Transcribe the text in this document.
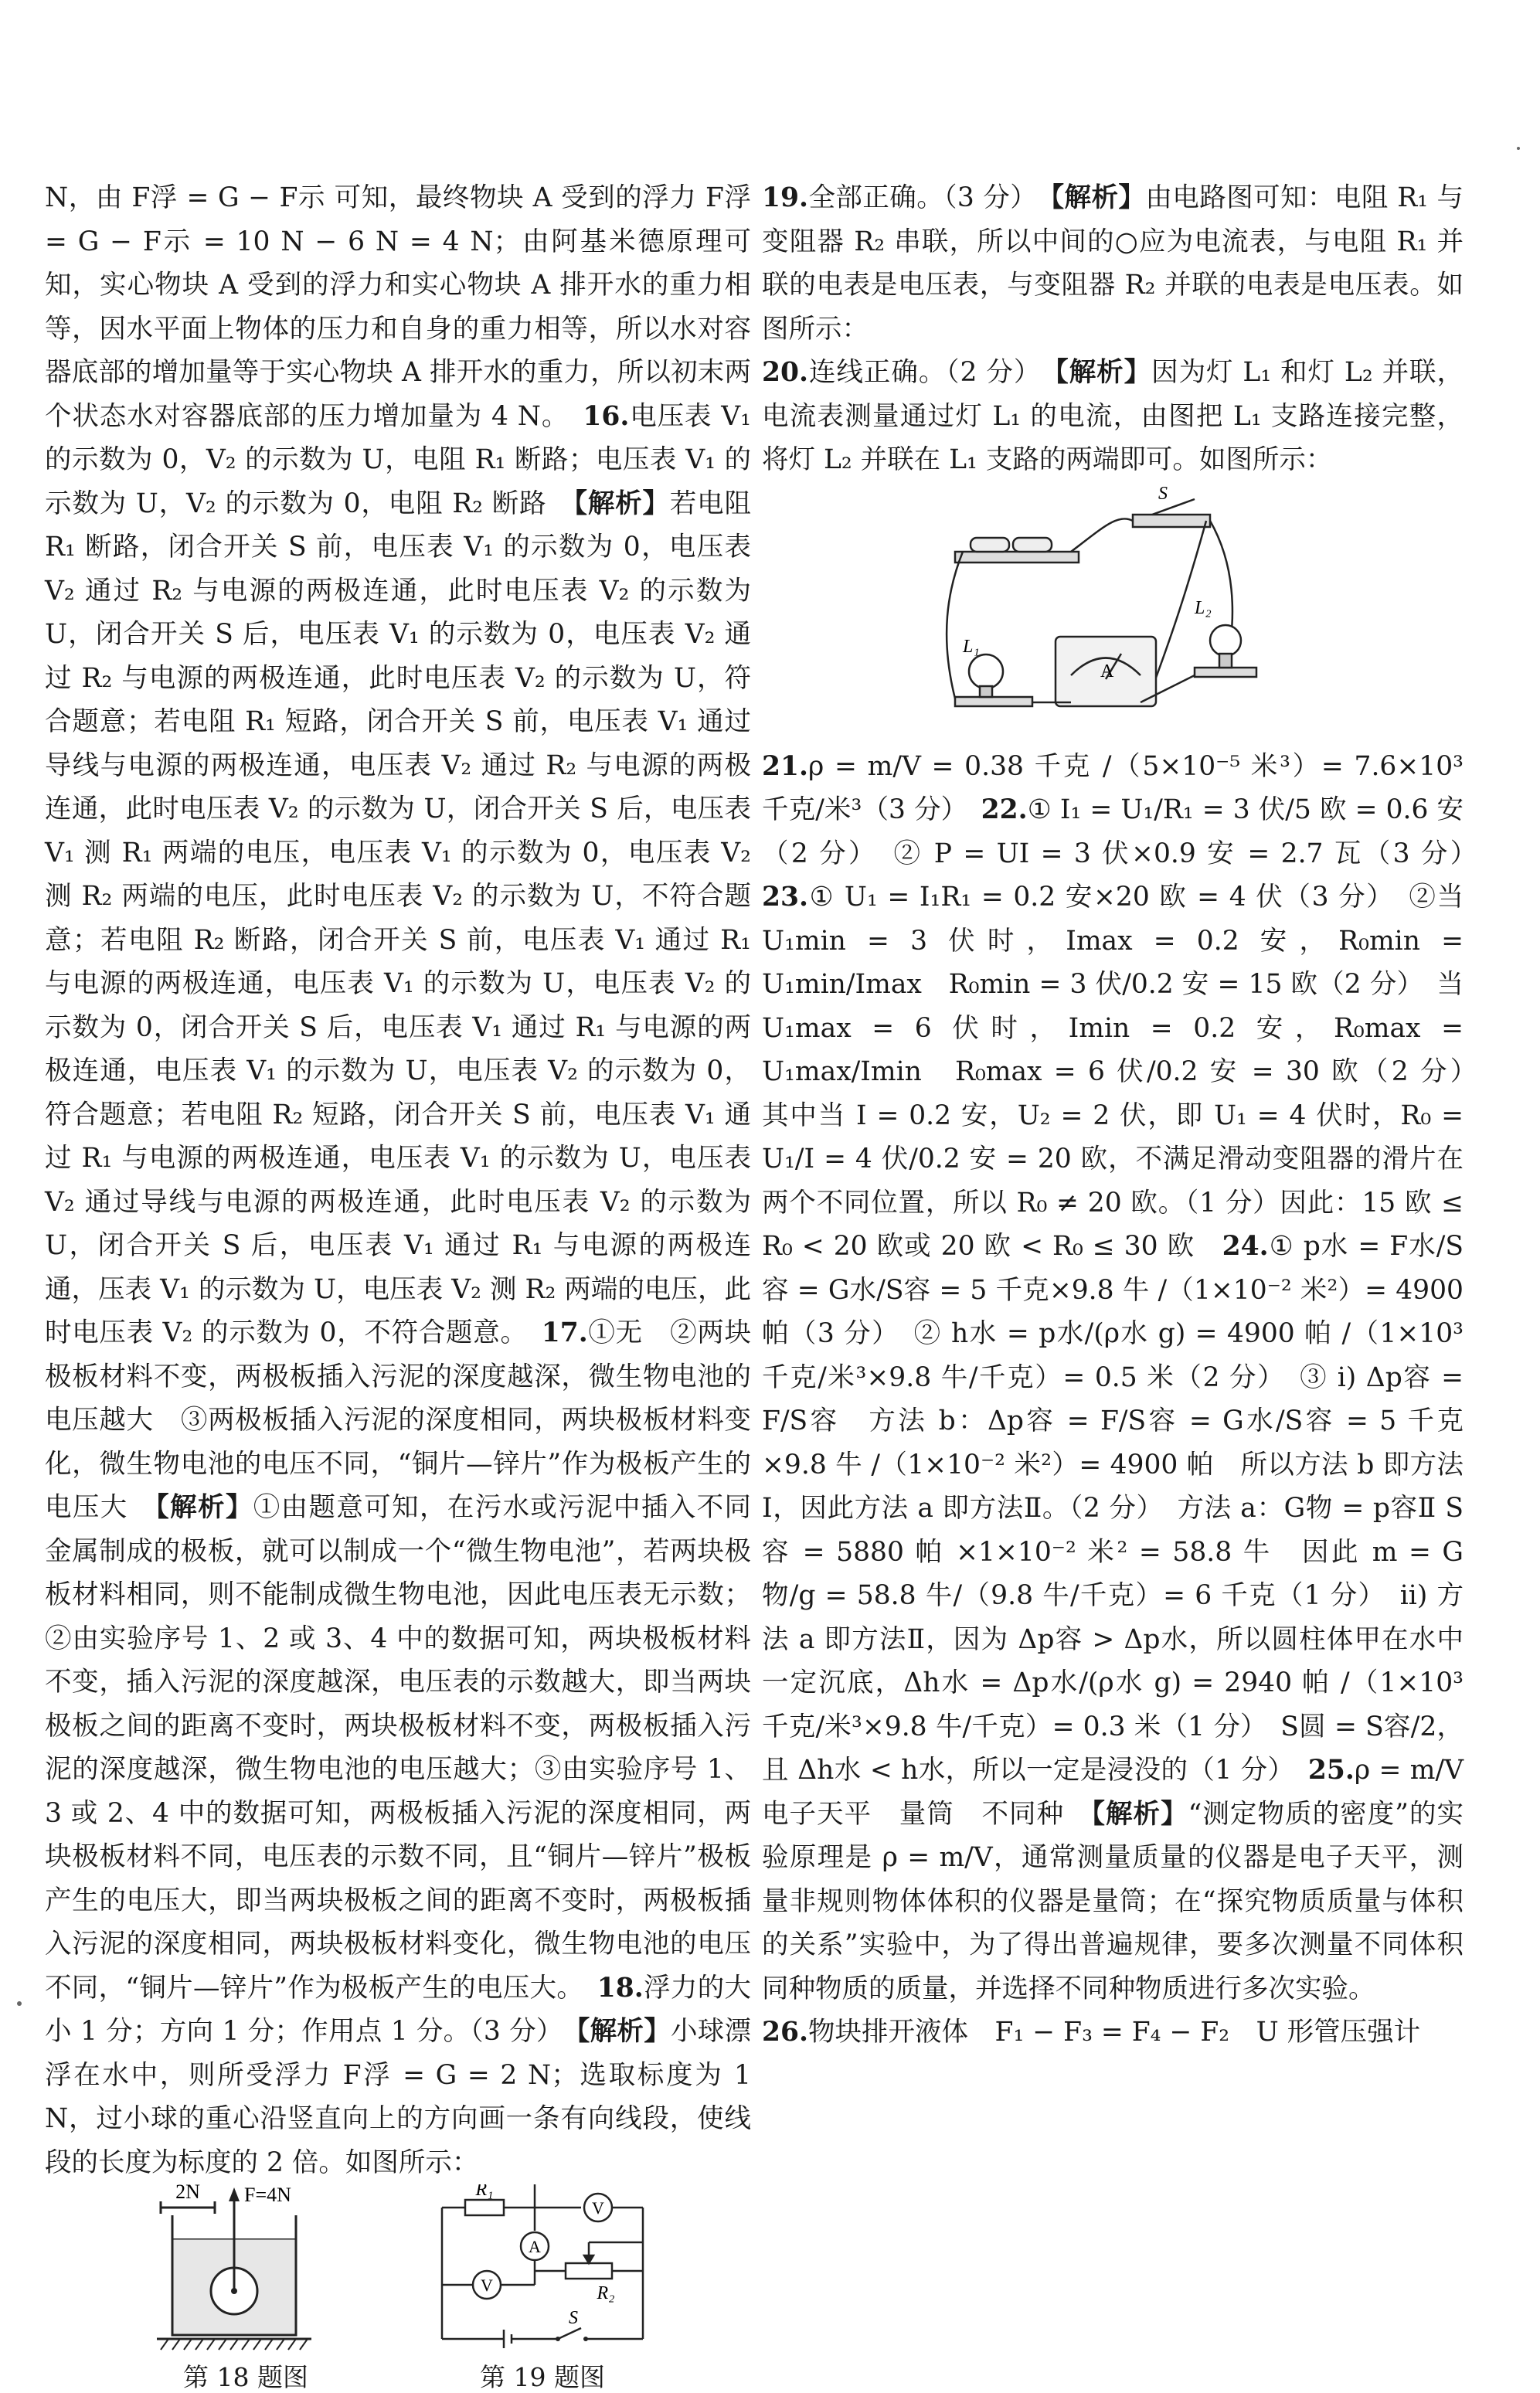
N，由 F浮 = G − F示 可知，最终物块 A 受到的浮力 F浮 = G − F示 = 10 N − 6 N = 4 N；由阿基米德原理可知，实心物块 A 受到的浮力和实心物块 A 排开水的重力相等，因水平面上物体的压力和自身的重力相等，所以水对容器底部的增加量等于实心物块 A 排开水的重力，所以初末两个状态水对容器底部的压力增加量为 4 N。　 16.电压表 V₁ 的示数为 0，V₂ 的示数为 U，电阻 R₁ 断路；电压表 V₁ 的示数为 U，V₂ 的示数为 0，电阻 R₂ 断路　 【解析】若电阻 R₁ 断路，闭合开关 S 前，电压表 V₁ 的示数为 0，电压表 V₂ 通过 R₂ 与电源的两极连通，此时电压表 V₂ 的示数为 U，闭合开关 S 后，电压表 V₁ 的示数为 0，电压表 V₂ 通过 R₂ 与电源的两极连通，此时电压表 V₂ 的示数为 U，符合题意；若电阻 R₁ 短路，闭合开关 S 前，电压表 V₁ 通过导线与电源的两极连通，电压表 V₂ 通过 R₂ 与电源的两极连通，此时电压表 V₂ 的示数为 U，闭合开关 S 后，电压表 V₁ 测 R₁ 两端的电压，电压表 V₁ 的示数为 0，电压表 V₂ 测 R₂ 两端的电压，此时电压表 V₂ 的示数为 U，不符合题意；若电阻 R₂ 断路，闭合开关 S 前，电压表 V₁ 通过 R₁ 与电源的两极连通，电压表 V₁ 的示数为 U，电压表 V₂ 的示数为 0，闭合开关 S 后，电压表 V₁ 通过 R₁ 与电源的两极连通，电压表 V₁ 的示数为 U，电压表 V₂ 的示数为 0，符合题意；若电阻 R₂ 短路，闭合开关 S 前，电压表 V₁ 通过 R₁ 与电源的两极连通，电压表 V₁ 的示数为 U，电压表 V₂ 通过导线与电源的两极连通，此时电压表 V₂ 的示数为 U，闭合开关 S 后，电压表 V₁ 通过 R₁ 与电源的两极连通，压表 V₁ 的示数为 U，电压表 V₂ 测 R₂ 两端的电压，此时电压表 V₂ 的示数为 0，不符合题意。　 17.①无　②两块极板材料不变，两极板插入污泥的深度越深，微生物电池的电压越大　③两极板插入污泥的深度相同，两块极板材料变化，微生物电池的电压不同，“铜片—锌片”作为极板产生的电压大　 【解析】①由题意可知，在污水或污泥中插入不同金属制成的极板，就可以制成一个“微生物电池”，若两块极板材料相同，则不能制成微生物电池，因此电压表无示数；②由实验序号 1、2 或 3、4 中的数据可知，两块极板材料不变，插入污泥的深度越深，电压表的示数越大，即当两块极板之间的距离不变时，两块极板材料不变，两极板插入污泥的深度越深，微生物电池的电压越大；③由实验序号 1、3 或 2、4 中的数据可知，两极板插入污泥的深度相同，两块极板材料不同，电压表的示数不同，且“铜片—锌片”极板产生的电压大，即当两块极板之间的距离不变时，两极板插入污泥的深度相同，两块极板材料变化，微生物电池的电压不同，“铜片—锌片”作为极板产生的电压大。　 18.浮力的大小 1 分；方向 1 分；作用点 1 分。（3 分）　 【解析】小球漂浮在水中，则所受浮力 F浮 = G = 2 N；选取标度为 1 N，过小球的重心沿竖直向上的方向画一条有向线段，使线段的长度为标度的 2 倍。如图所示：

2N F=4N
第 18 题图
R₁
V
A
V	R₂
S
第 19 题图

19.全部正确。（3 分）　 【解析】由电路图可知：电阻 R₁ 与变阻器 R₂ 串联，所以中间的○应为电流表，与电阻 R₁ 并联的电表是电压表，与变阻器 R₂ 并联的电表是电压表。如图所示：

20.连线正确。（2 分）　 【解析】因为灯 L₁ 和灯 L₂ 并联，电流表测量通过灯 L₁ 的电流，由图把 L₁ 支路连接完整，将灯 L₂ 并联在 L₁ 支路的两端即可。如图所示：

S
L₁
L₂
A

21.ρ = m/V = 0.38 千克 /（5×10⁻⁵ 米³）= 7.6×10³ 千克/米³（3 分）　 22.① I₁ = U₁/R₁ = 3 伏/5 欧 = 0.6 安（2 分）　② P = UI = 3 伏×0.9 安 = 2.7 瓦（3 分）　23.① U₁ = I₁R₁ = 0.2 安×20 欧 = 4 伏（3 分）　②当 U₁min = 3 伏时，Imax = 0.2 安，R₀min = U₁min/Imax　R₀min = 3 伏/0.2 安 = 15 欧（2 分）　当 U₁max = 6 伏时，Imin = 0.2 安，R₀max = U₁max/Imin　R₀max = 6 伏/0.2 安 = 30 欧（2 分）　其中当 I = 0.2 安，U₂ = 2 伏，即 U₁ = 4 伏时，R₀ = U₁/I = 4 伏/0.2 安 = 20 欧，不满足滑动变阻器的滑片在两个不同位置，所以 R₀ ≠ 20 欧。（1 分）因此：15 欧 ≤ R₀ < 20 欧或 20 欧 < R₀ ≤ 30 欧　 24.① p水 = F水/S容 = G水/S容 = 5 千克×9.8 牛 /（1×10⁻² 米²）= 4900 帕（3 分）　② h水 = p水/(ρ水 g) = 4900 帕 /（1×10³ 千克/米³×9.8 牛/千克）= 0.5 米（2 分）　③ i) Δp容 = F/S容　方法 b：Δp容 = F/S容 = G水/S容 = 5 千克×9.8 牛 /（1×10⁻² 米²）= 4900 帕　所以方法 b 即方法Ⅰ，因此方法 a 即方法Ⅱ。（2 分）　方法 a：G物 = p容Ⅱ S容 = 5880 帕 ×1×10⁻² 米² = 58.8 牛　因此 m = G物/g = 58.8 牛/（9.8 牛/千克）= 6 千克（1 分）　ii) 方法 a 即方法Ⅱ，因为 Δp容 > Δp水，所以圆柱体甲在水中一定沉底，Δh水 = Δp水/(ρ水 g) = 2940 帕 /（1×10³ 千克/米³×9.8 牛/千克）= 0.3 米（1 分）　S圆 = S容/2，且 Δh水 < h水，所以一定是浸没的（1 分）　 25.ρ = m/V　电子天平　量筒　不同种　 【解析】“测定物质的密度”的实验原理是 ρ = m/V，通常测量质量的仪器是电子天平，测量非规则物体体积的仪器是量筒；在“探究物质质量与体积的关系”实验中，为了得出普遍规律，要多次测量不同体积同种物质的质量，并选择不同种物质进行多次实验。

26.物块排开液体　F₁ − F₃ = F₄ − F₂　U 形管压强计
